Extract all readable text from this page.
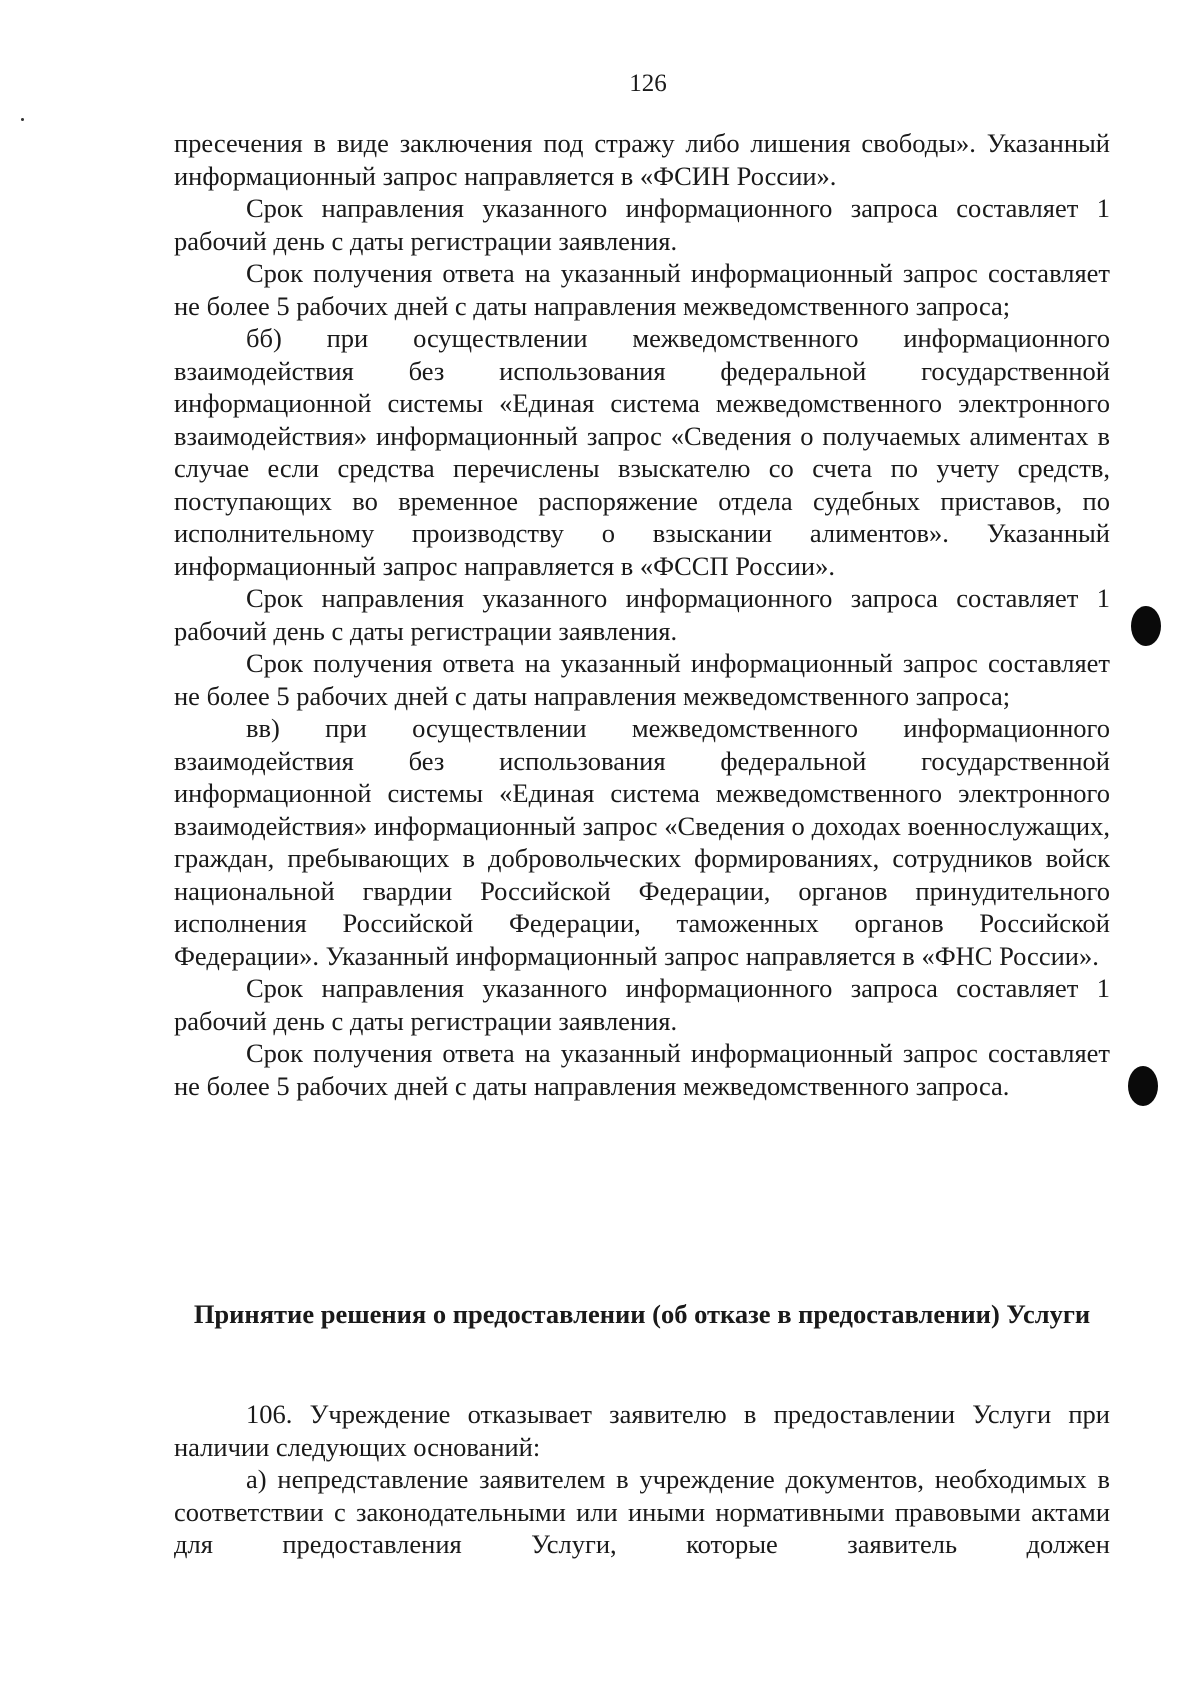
126

пресечения в виде заключения под стражу либо лишения свободы». Указанный информационный запрос направляется в «ФСИН России».

Срок направления указанного информационного запроса составляет 1 рабочий день с даты регистрации заявления.

Срок получения ответа на указанный информационный запрос составляет не более 5 рабочих дней с даты направления межведомственного запроса;

бб) при осуществлении межведомственного информационного взаимодействия без использования федеральной государственной информационной системы «Единая система межведомственного электронного взаимодействия» информационный запрос «Сведения о получаемых алиментах в случае если средства перечислены взыскателю со счета по учету средств, поступающих во временное распоряжение отдела судебных приставов, по исполнительному производству о взыскании алиментов». Указанный информационный запрос направляется в «ФССП России».

Срок направления указанного информационного запроса составляет 1 рабочий день с даты регистрации заявления.

Срок получения ответа на указанный информационный запрос составляет не более 5 рабочих дней с даты направления межведомственного запроса;

вв) при осуществлении межведомственного информационного взаимодействия без использования федеральной государственной информационной системы «Единая система межведомственного электронного взаимодействия» информационный запрос «Сведения о доходах военнослужащих, граждан, пребывающих в добровольческих формированиях, сотрудников войск национальной гвардии Российской Федерации, органов принудительного исполнения Российской Федерации, таможенных органов Российской Федерации». Указанный информационный запрос направляется в «ФНС России».

Срок направления указанного информационного запроса составляет 1 рабочий день с даты регистрации заявления.

Срок получения ответа на указанный информационный запрос составляет не более 5 рабочих дней с даты направления межведомственного запроса.

Принятие решения о предоставлении (об отказе в предоставлении) Услуги

106. Учреждение отказывает заявителю в предоставлении Услуги при наличии следующих оснований:

а) непредставление заявителем в учреждение документов, необходимых в соответствии с законодательными или иными нормативными правовыми актами для предоставления Услуги, которые заявитель должен
